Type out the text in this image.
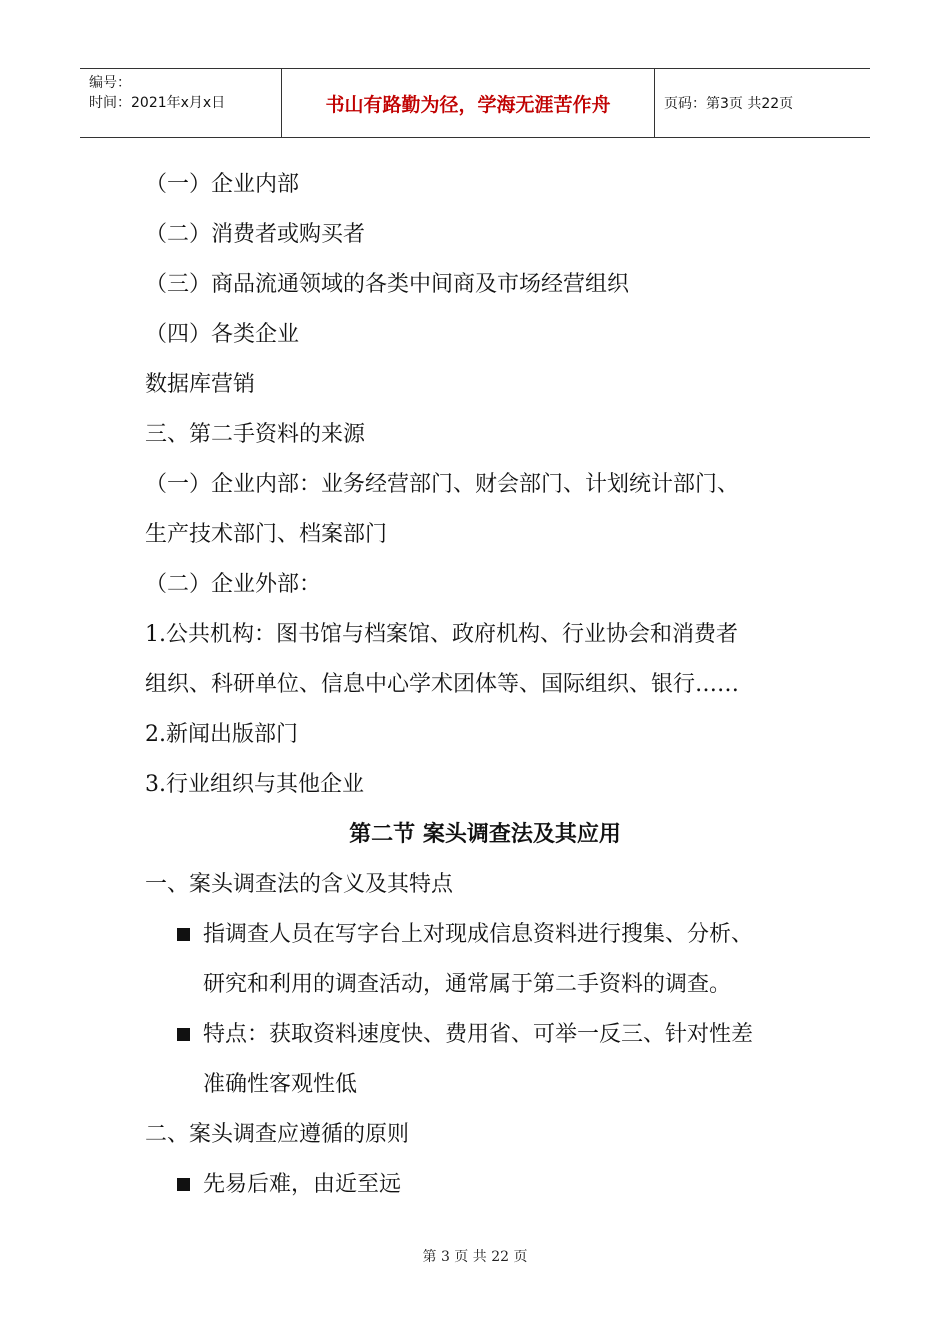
编号：
时间：2021年x月x日	书山有路勤为径，学海无涯苦作舟	页码：第3页 共22页
（一）企业内部
（二）消费者或购买者
（三）商品流通领域的各类中间商及市场经营组织
（四）各类企业
数据库营销
三、第二手资料的来源
（一）企业内部：业务经营部门、财会部门、计划统计部门、
生产技术部门、档案部门
（二）企业外部：
1.公共机构：图书馆与档案馆、政府机构、行业协会和消费者
组织、科研单位、信息中心学术团体等、国际组织、银行……
2.新闻出版部门
3.行业组织与其他企业
第二节 案头调查法及其应用
一、案头调查法的含义及其特点
指调查人员在写字台上对现成信息资料进行搜集、分析、
研究和利用的调查活动，通常属于第二手资料的调查。
特点：获取资料速度快、费用省、可举一反三、针对性差
准确性客观性低
二、案头调查应遵循的原则
先易后难，由近至远
第 3 页 共 22 页
